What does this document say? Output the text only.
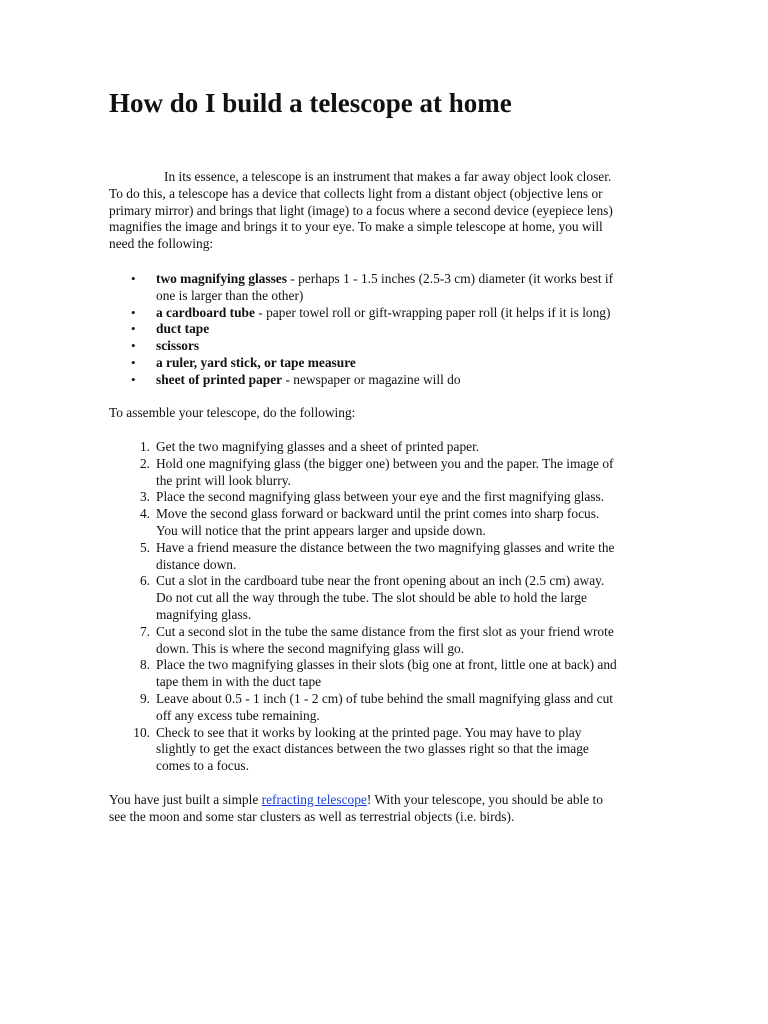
How do I build a telescope at home

In its essence, a telescope is an instrument that makes a far away object look closer.
To do this, a telescope has a device that collects light from a distant object (objective lens or
primary mirror) and brings that light (image) to a focus where a second device (eyepiece lens)
magnifies the image and brings it to your eye. To make a simple telescope at home, you will
need the following:

• two magnifying glasses - perhaps 1 - 1.5 inches (2.5-3 cm) diameter (it works best if
one is larger than the other)
• a cardboard tube - paper towel roll or gift-wrapping paper roll (it helps if it is long)
• duct tape
• scissors
• a ruler, yard stick, or tape measure
• sheet of printed paper - newspaper or magazine will do

To assemble your telescope, do the following:

1. Get the two magnifying glasses and a sheet of printed paper.
2. Hold one magnifying glass (the bigger one) between you and the paper. The image of
the print will look blurry.
3. Place the second magnifying glass between your eye and the first magnifying glass.
4. Move the second glass forward or backward until the print comes into sharp focus.
You will notice that the print appears larger and upside down.
5. Have a friend measure the distance between the two magnifying glasses and write the
distance down.
6. Cut a slot in the cardboard tube near the front opening about an inch (2.5 cm) away.
Do not cut all the way through the tube. The slot should be able to hold the large
magnifying glass.
7. Cut a second slot in the tube the same distance from the first slot as your friend wrote
down. This is where the second magnifying glass will go.
8. Place the two magnifying glasses in their slots (big one at front, little one at back) and
tape them in with the duct tape
9. Leave about 0.5 - 1 inch (1 - 2 cm) of tube behind the small magnifying glass and cut
off any excess tube remaining.
10. Check to see that it works by looking at the printed page. You may have to play
slightly to get the exact distances between the two glasses right so that the image
comes to a focus.

You have just built a simple refracting telescope! With your telescope, you should be able to
see the moon and some star clusters as well as terrestrial objects (i.e. birds).
